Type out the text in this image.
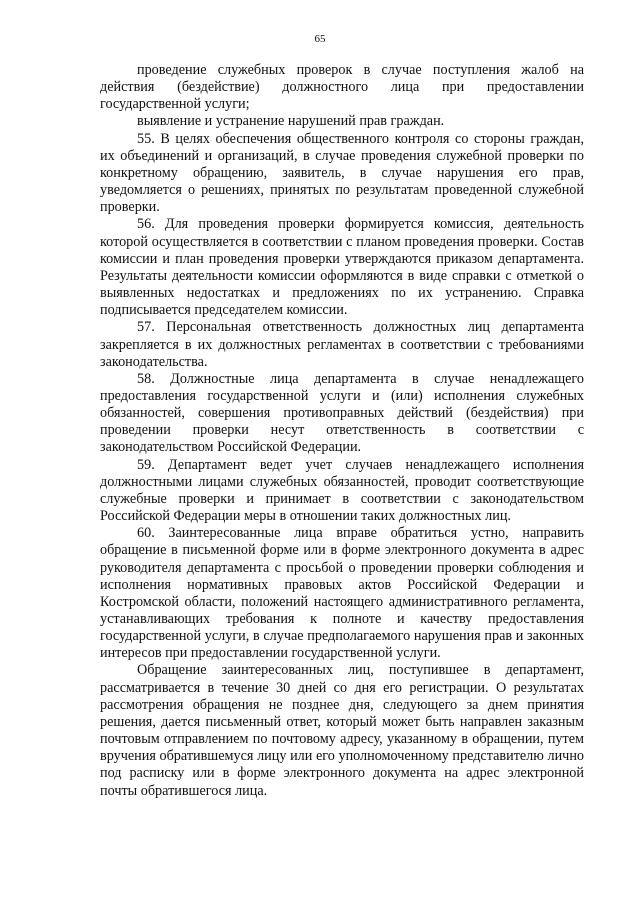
65

проведение служебных проверок в случае поступления жалоб на действия (бездействие) должностного лица при предоставлении государственной услуги;

выявление и устранение нарушений прав граждан.

55. В целях обеспечения общественного контроля со стороны граждан, их объединений и организаций, в случае проведения служебной проверки по конкретному обращению, заявитель, в случае нарушения его прав, уведомляется о решениях, принятых по результатам проведенной служебной проверки.

56. Для проведения проверки формируется комиссия, деятельность которой осуществляется в соответствии с планом проведения проверки. Состав комиссии и план проведения проверки утверждаются приказом департамента. Результаты деятельности комиссии оформляются в виде справки с отметкой о выявленных недостатках и предложениях по их устранению. Справка подписывается председателем комиссии.

57. Персональная ответственность должностных лиц департамента закрепляется в их должностных регламентах в соответствии с требованиями законодательства.

58. Должностные лица департамента в случае ненадлежащего предоставления государственной услуги и (или) исполнения служебных обязанностей, совершения противоправных действий (бездействия) при проведении проверки несут ответственность в соответствии с законодательством Российской Федерации.

59. Департамент ведет учет случаев ненадлежащего исполнения должностными лицами служебных обязанностей, проводит соответствующие служебные проверки и принимает в соответствии с законодательством Российской Федерации меры в отношении таких должностных лиц.

60. Заинтересованные лица вправе обратиться устно, направить обращение в письменной форме или в форме электронного документа в адрес руководителя департамента с просьбой о проведении проверки соблюдения и исполнения нормативных правовых актов Российской Федерации и Костромской области, положений настоящего административного регламента, устанавливающих требования к полноте и качеству предоставления государственной услуги, в случае предполагаемого нарушения прав и законных интересов при предоставлении государственной услуги.

Обращение заинтересованных лиц, поступившее в департамент, рассматривается в течение 30 дней со дня его регистрации. О результатах рассмотрения обращения не позднее дня, следующего за днем принятия решения, дается письменный ответ, который может быть направлен заказным почтовым отправлением по почтовому адресу, указанному в обращении, путем вручения обратившемуся лицу или его уполномоченному представителю лично под расписку или в форме электронного документа на адрес электронной почты обратившегося лица.
